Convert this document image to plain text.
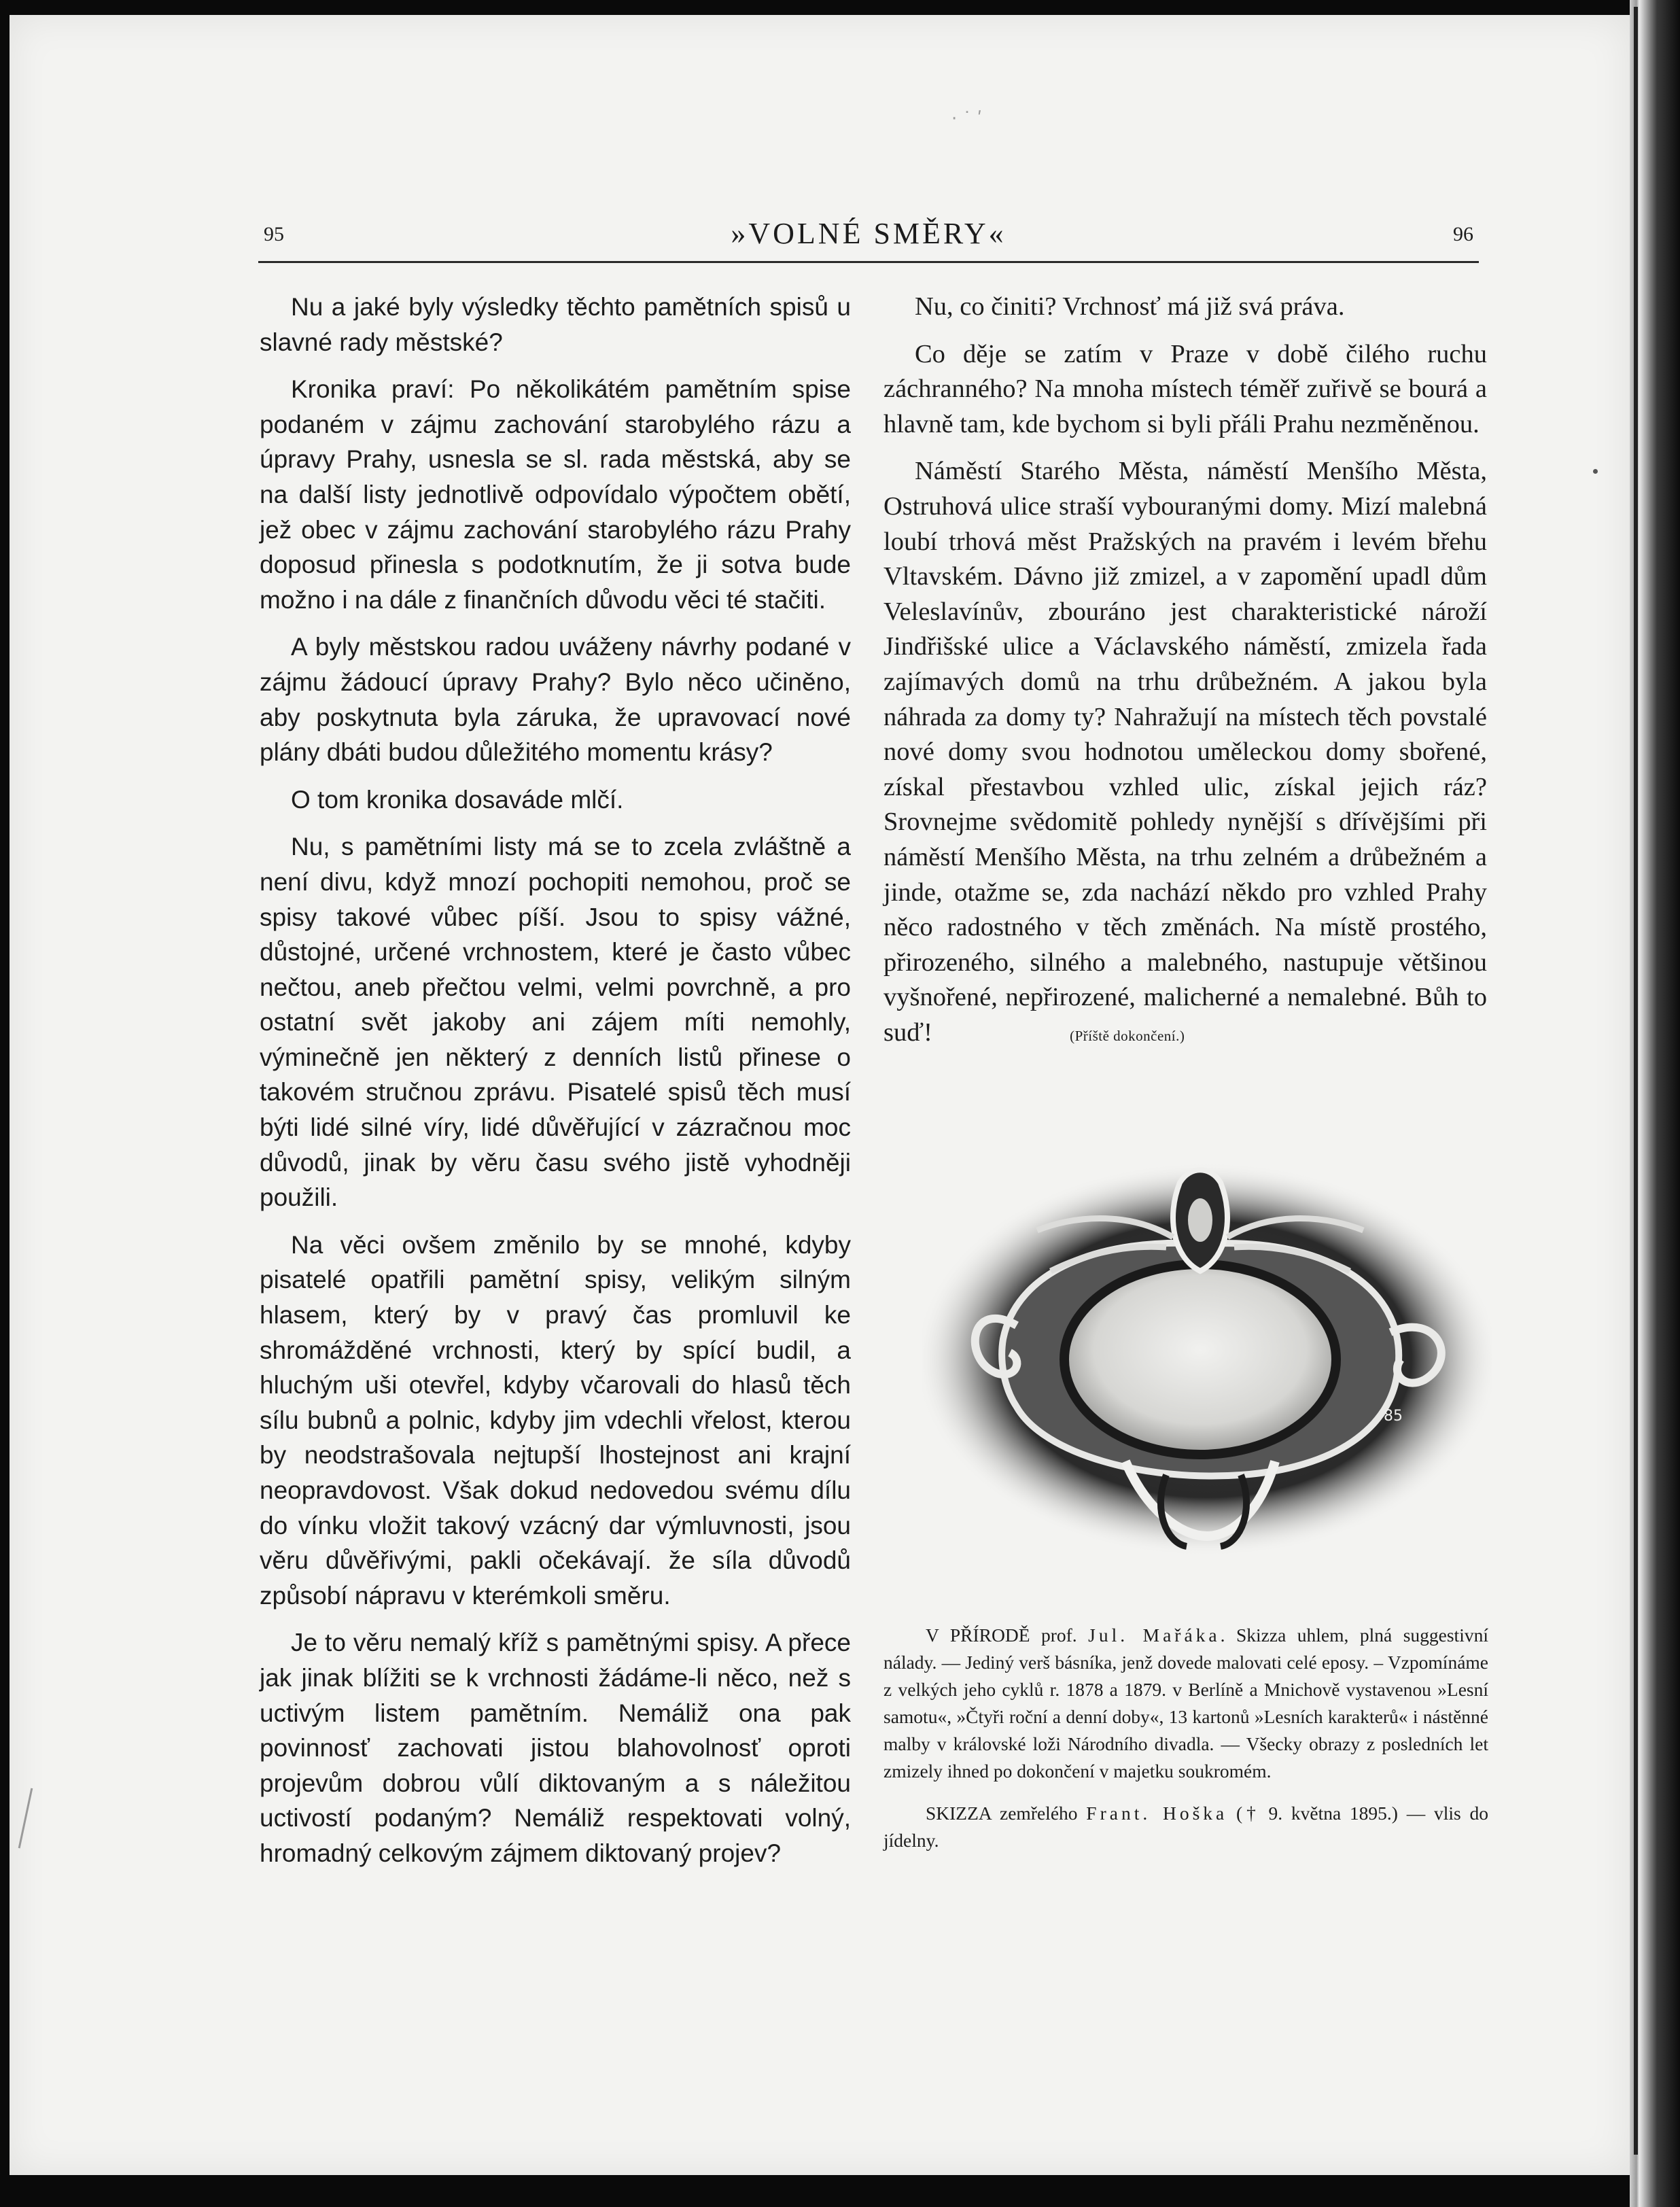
· ˙ ʹ
95	»VOLNÉ SMĚRY«	96

Nu a jaké byly výsledky těchto pamětních spisů u slavné rady městské?

Kronika praví: Po několikátém pamětním spise podaném v zájmu zachování starobylého rázu a úpravy Prahy, usnesla se sl. rada městská, aby se na další listy jednotlivě odpovídalo výpočtem obětí, jež obec v zájmu zachování starobylého rázu Prahy doposud přinesla s podotknutím, že ji sotva bude možno i na dále z finančních důvodu věci té stačiti.

A byly městskou radou uváženy návrhy podané v zájmu žádoucí úpravy Prahy? Bylo něco učiněno, aby poskytnuta byla záruka, že upravovací nové plány dbáti budou důležitého momentu krásy?

O tom kronika dosaváde mlčí.

Nu, s pamětními listy má se to zcela zvláštně a není divu, když mnozí pochopiti nemohou, proč se spisy takové vůbec píší. Jsou to spisy vážné, důstojné, určené vrchnostem, které je často vůbec nečtou, aneb přečtou velmi, velmi povrchně, a pro ostatní svět jakoby ani zájem míti nemohly, výminečně jen některý z denních listů přinese o takovém stručnou zprávu. Pisatelé spisů těch musí býti lidé silné víry, lidé důvěřující v zázračnou moc důvodů, jinak by věru času svého jistě vyhodněji použili.

Na věci ovšem změnilo by se mnohé, kdyby pisatelé opatřili pamětní spisy, velikým silným hlasem, který by v pravý čas promluvil ke shromážděné vrchnosti, který by spící budil, a hluchým uši otevřel, kdyby včarovali do hlasů těch sílu bubnů a polnic, kdyby jim vdechli vřelost, kterou by neodstrašovala nejtupší lhostejnost ani krajní neopravdovost. Však dokud nedovedou svému dílu do vínku vložit takový vzácný dar výmluvnosti, jsou věru důvěřivými, pakli očekávají. že síla důvodů způsobí nápravu v kterémkoli směru.

Je to věru nemalý kříž s pamětnými spisy. A přece jak jinak blížiti se k vrchnosti žádáme-li něco, než s uctivým listem pamětním. Nemáliž ona pak povinnosť zachovati jistou blahovolnosť oproti projevům dobrou vůlí diktovaným a s náležitou uctivostí podaným? Nemáliž respektovati volný, hromadný celkovým zájmem diktovaný projev?

Nu, co činiti? Vrchnosť má již svá práva.

Co děje se zatím v Praze v době čilého ruchu záchranného? Na mnoha místech téměř zuřivě se bourá a hlavně tam, kde bychom si byli přáli Prahu nezměněnou.

Náměstí Starého Města, náměstí Menšího Města, Ostruhová ulice straší vybouranými domy. Mizí malebná loubí trhová měst Pražských na pravém i levém břehu Vltavském. Dávno již zmizel, a v zapomění upadl dům Veleslavínův, zbouráno jest charakteristické nároží Jindřišské ulice a Václavského náměstí, zmizela řada zajímavých domů na trhu drůbežném. A jakou byla náhrada za domy ty? Nahražují na místech těch povstalé nové domy svou hodnotou uměleckou domy sbořené, získal přestavbou vzhled ulic, získal jejich ráz? Srovnejme svědomitě pohledy nynější s dřívějšími při náměstí Menšího Města, na trhu zelném a drůbežném a jinde, otažme se, zda nachází někdo pro vzhled Prahy něco radostného v těch změnách. Na místě prostého, přirozeného, silného a malebného, nastupuje většinou vyšnořené, nepřirozené, malicherné a nemalebné. Bůh to suď!	(Příště dokončení.)

85

V PŘÍRODĚ prof. Jul. Mařáka. Skizza uhlem, plná suggestivní nálady. — Jediný verš básníka, jenž dovede malovati celé eposy. – Vzpomínáme z velkých jeho cyklů r. 1878 a 1879. v Berlíně a Mnichově vystavenou »Lesní samotu«, »Čtyři roční a denní doby«, 13 kartonů »Lesních karakterů« i nástěnné malby v královské loži Národního divadla. — Všecky obrazy z posledních let zmizely ihned po dokončení v majetku soukromém.

SKIZZA zemřelého Frant. Hoška († 9. května 1895.) — vlis do jídelny.
